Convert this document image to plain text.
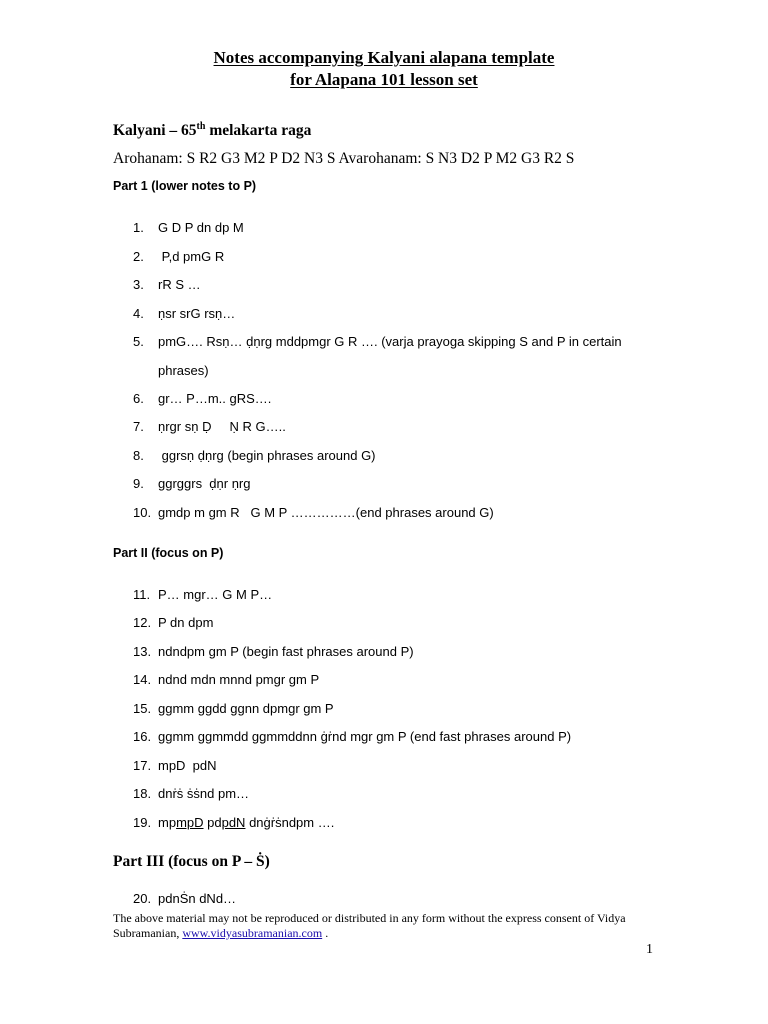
Notes accompanying Kalyani alapana template
for Alapana 101 lesson set
Kalyani – 65th melakarta raga
Arohanam: S R2 G3 M2 P D2 N3 S Avarohanam: S N3 D2 P M2 G3 R2 S
Part 1 (lower notes to P)
1. G D P dn dp M
2. P,d pmG R
3. rR S …
4. ṇsr srG rsṇ…
5. pmG…. Rsṇ… ḍṇrg mddpmgr G R …. (varja prayoga skipping S and P in certain phrases)
6. gr… P…m.. gRS….
7. ṇrgr sṇ Ḍ     Ṇ R G…..
8. ggrsṇ ḍṇrg (begin phrases around G)
9. ggrggrs  ḍṇr ṇrg
10. gmdp m gm R   G M P ……………(end phrases around G)
Part II (focus on P)
11. P… mgr… G M P…
12. P dn dpm
13. ndndpm gm P (begin fast phrases around P)
14. ndnd mdn mnnd pmgr gm P
15. ggmm ggdd ggnn dpmgr gm P
16. ggmm ggmmdd ggmmddnn ġṙnd mgr gm P (end fast phrases around P)
17. mpD  pdN
18. dnṙṡ ṡṡnd pm…
19. mpmpD pdpdN dnġṙṡndpm ….
Part III (focus on P – Ṡ)
20. pdnṠn dNd…
The above material may not be reproduced or distributed in any form without the express consent of Vidya Subramanian, www.vidyasubramanian.com .
1
